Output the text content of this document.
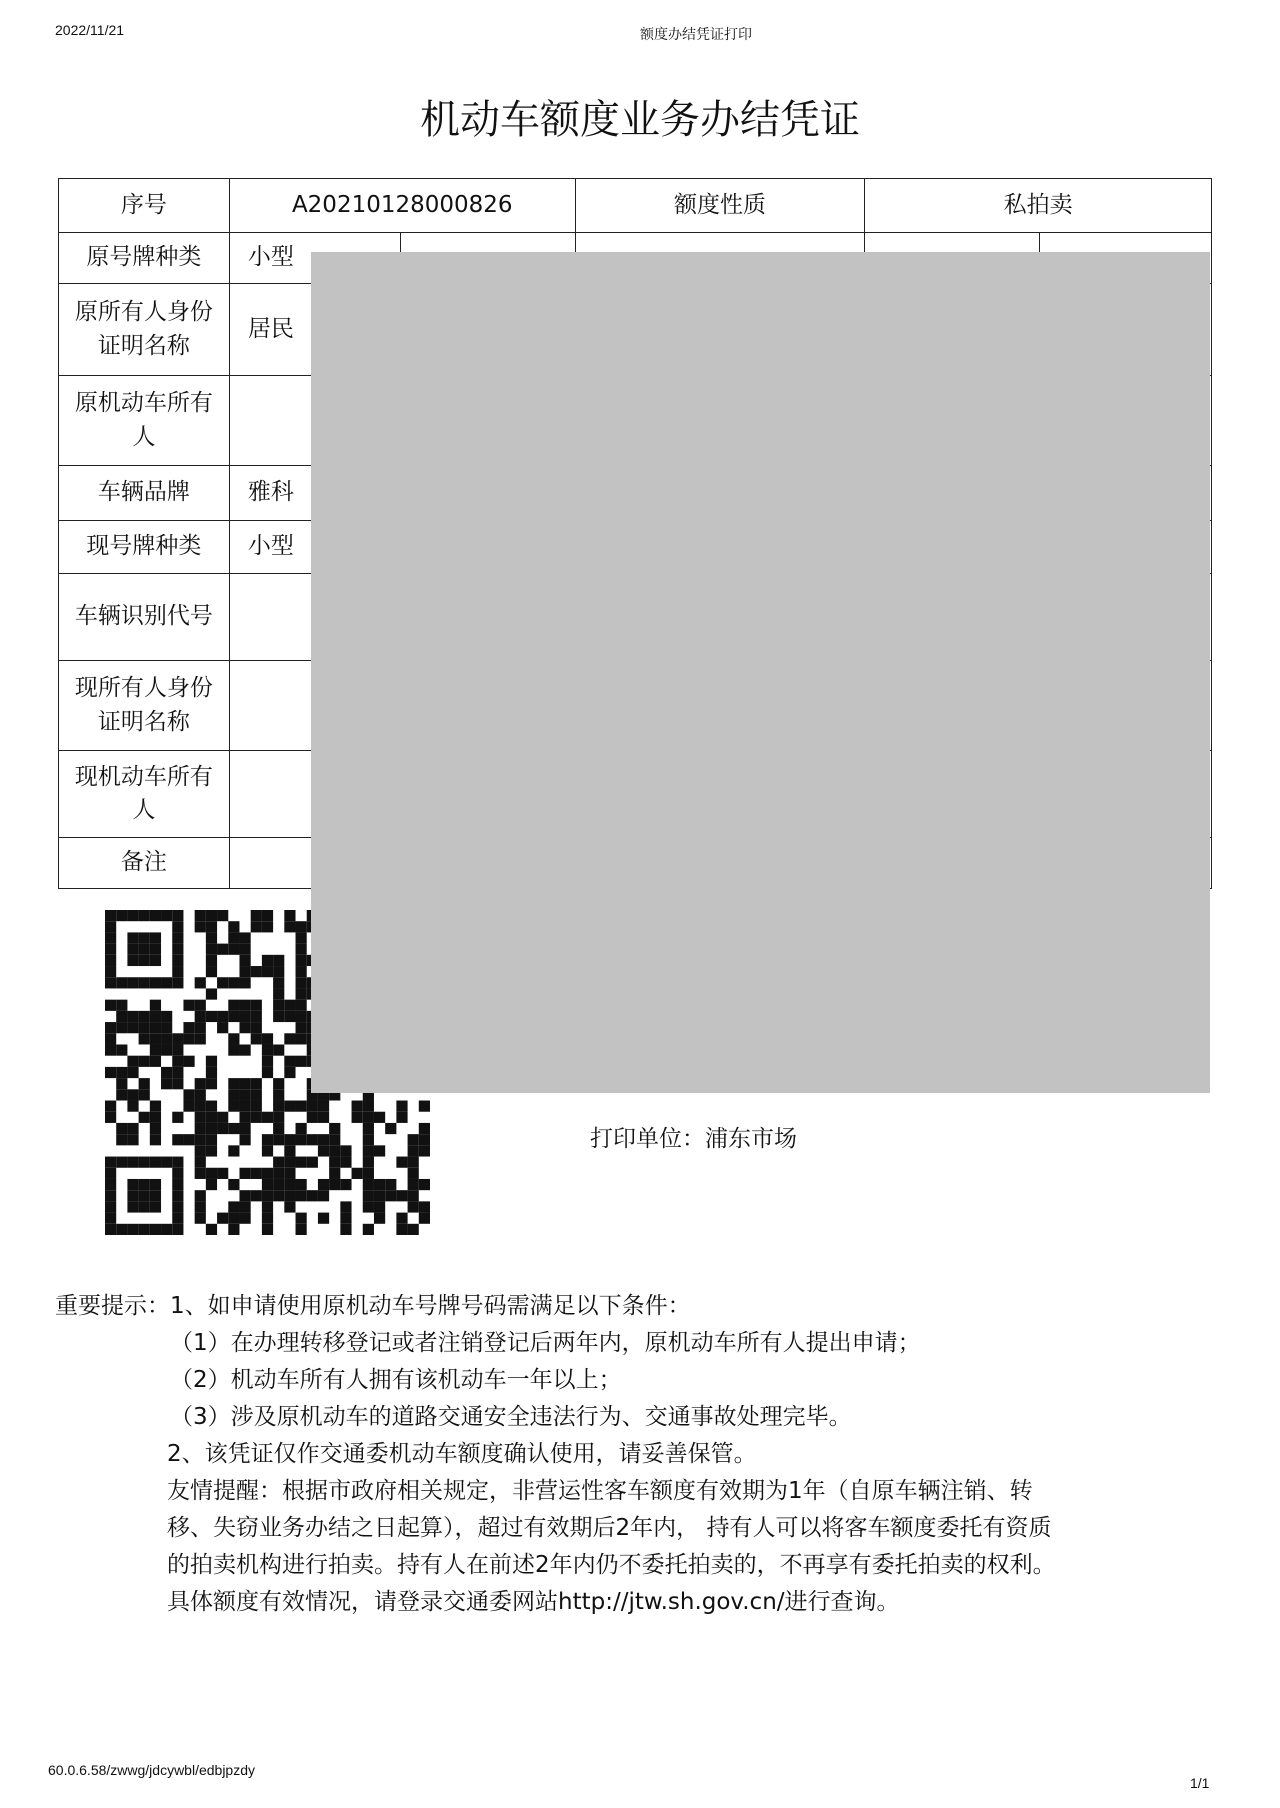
2022/11/21	额度办结凭证打印
机动车额度业务办结凭证
序号	A20210128000826		额度性质	私拍卖	
原号牌种类	小型				
原所有人身份证明名称	居民				
原机动车所有人					
车辆品牌	雅科				
现号牌种类	小型				
车辆识别代号					
现所有人身份证明名称					
现机动车所有人					
备注					
打印单位：浦东市场
重要提示：1、如申请使用原机动车号牌号码需满足以下条件：
（1）在办理转移登记或者注销登记后两年内，原机动车所有人提出申请；
（2）机动车所有人拥有该机动车一年以上；
（3）涉及原机动车的道路交通安全违法行为、交通事故处理完毕。
2、该凭证仅作交通委机动车额度确认使用，请妥善保管。
友情提醒：根据市政府相关规定，非营运性客车额度有效期为1年（自原车辆注销、转
移、失窃业务办结之日起算），超过有效期后2年内， 持有人可以将客车额度委托有资质
的拍卖机构进行拍卖。持有人在前述2年内仍不委托拍卖的，不再享有委托拍卖的权利。
具体额度有效情况，请登录交通委网站http://jtw.sh.gov.cn/进行查询。
60.0.6.58/zwwg/jdcywbl/edbjpzdy
1/1
